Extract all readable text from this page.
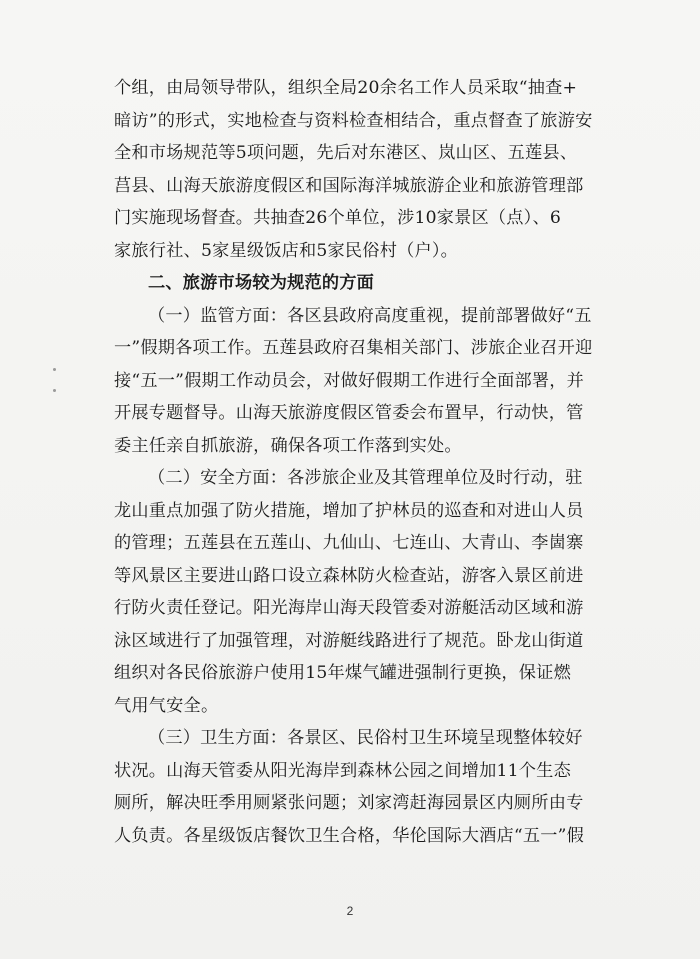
个组，由局领导带队，组织全局20余名工作人员采取“抽查+
暗访”的形式，实地检查与资料检查相结合，重点督查了旅游安
全和市场规范等5项问题，先后对东港区、岚山区、五莲县、
莒县、山海天旅游度假区和国际海洋城旅游企业和旅游管理部
门实施现场督查。共抽查26个单位，涉10家景区（点）、6
家旅行社、5家星级饭店和5家民俗村（户）。
二、旅游市场较为规范的方面
（一）监管方面：各区县政府高度重视，提前部署做好“五
一”假期各项工作。五莲县政府召集相关部门、涉旅企业召开迎
接“五一”假期工作动员会，对做好假期工作进行全面部署，并
开展专题督导。山海天旅游度假区管委会布置早，行动快，管
委主任亲自抓旅游，确保各项工作落到实处。
（二）安全方面：各涉旅企业及其管理单位及时行动，驻
龙山重点加强了防火措施，增加了护林员的巡查和对进山人员
的管理；五莲县在五莲山、九仙山、七连山、大青山、李崮寨
等风景区主要进山路口设立森林防火检查站，游客入景区前进
行防火责任登记。阳光海岸山海天段管委对游艇活动区域和游
泳区域进行了加强管理，对游艇线路进行了规范。卧龙山街道
组织对各民俗旅游户使用15年煤气罐进强制行更换，保证燃
气用气安全。
（三）卫生方面：各景区、民俗村卫生环境呈现整体较好
状况。山海天管委从阳光海岸到森林公园之间增加11个生态
厕所，解决旺季用厕紧张问题；刘家湾赶海园景区内厕所由专
人负责。各星级饭店餐饮卫生合格，华伦国际大酒店“五一”假
2
